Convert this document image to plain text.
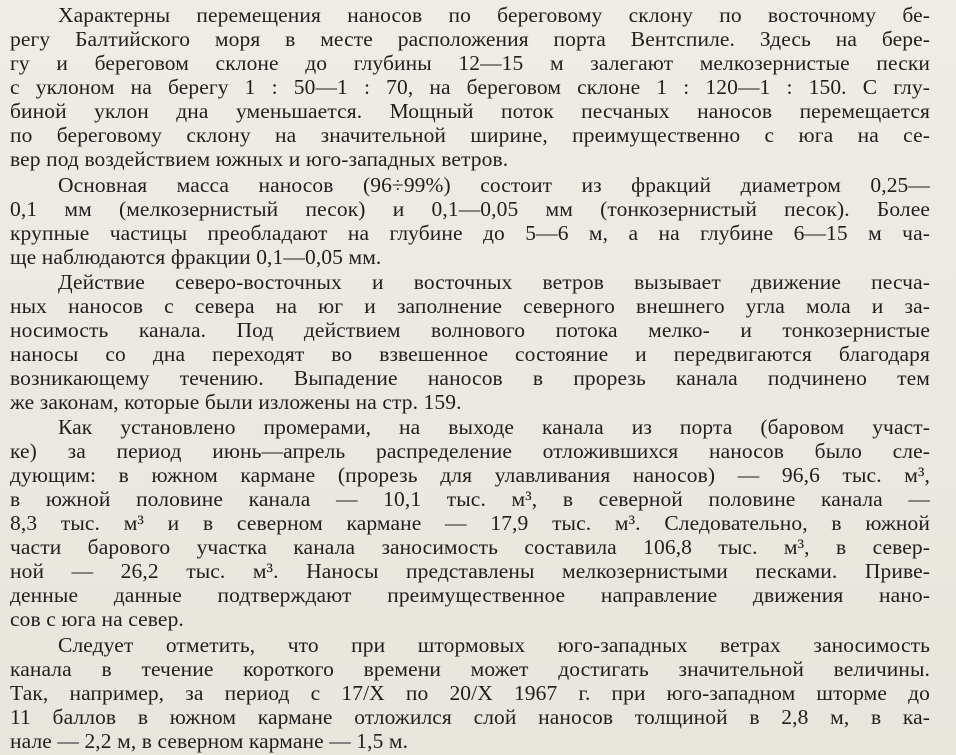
Характерны перемещения наносов по береговому склону по восточному бе-
регу Балтийского моря в месте расположения порта Вентспиле. Здесь на бере-
гу и береговом склоне до глубины 12—15 м залегают мелкозернистые пески
с уклоном на берегу 1 : 50—1 : 70, на береговом склоне 1 : 120—1 : 150. С глу-
биной уклон дна уменьшается. Мощный поток песчаных наносов перемещается
по береговому склону на значительной ширине, преимущественно с юга на се-
вер под воздействием южных и юго-западных ветров.
Основная масса наносов (96÷99%) состоит из фракций диаметром 0,25—
0,1 мм (мелкозернистый песок) и 0,1—0,05 мм (тонкозернистый песок). Более
крупные частицы преобладают на глубине до 5—6 м, а на глубине 6—15 м ча-
ще наблюдаются фракции 0,1—0,05 мм.
Действие северо-восточных и восточных ветров вызывает движение песча-
ных наносов с севера на юг и заполнение северного внешнего угла мола и за-
носимость канала. Под действием волнового потока мелко- и тонкозернистые
наносы со дна переходят во взвешенное состояние и передвигаются благодаря
возникающему течению. Выпадение наносов в прорезь канала подчинено тем
же законам, которые были изложены на стр. 159.
Как установлено промерами, на выходе канала из порта (баровом участ-
ке) за период июнь—апрель распределение отложившихся наносов было сле-
дующим: в южном кармане (прорезь для улавливания наносов) — 96,6 тыс. м³,
в южной половине канала — 10,1 тыс. м³, в северной половине канала —
8,3 тыс. м³ и в северном кармане — 17,9 тыс. м³. Следовательно, в южной
части барового участка канала заносимость составила 106,8 тыс. м³, в север-
ной — 26,2 тыс. м³. Наносы представлены мелкозернистыми песками. Приве-
денные данные подтверждают преимущественное направление движения нано-
сов с юга на север.
Следует отметить, что при штормовых юго-западных ветрах заносимость
канала в течение короткого времени может достигать значительной величины.
Так, например, за период с 17/X по 20/X 1967 г. при юго-западном шторме до
11 баллов в южном кармане отложился слой наносов толщиной в 2,8 м, в ка-
нале — 2,2 м, в северном кармане — 1,5 м.
